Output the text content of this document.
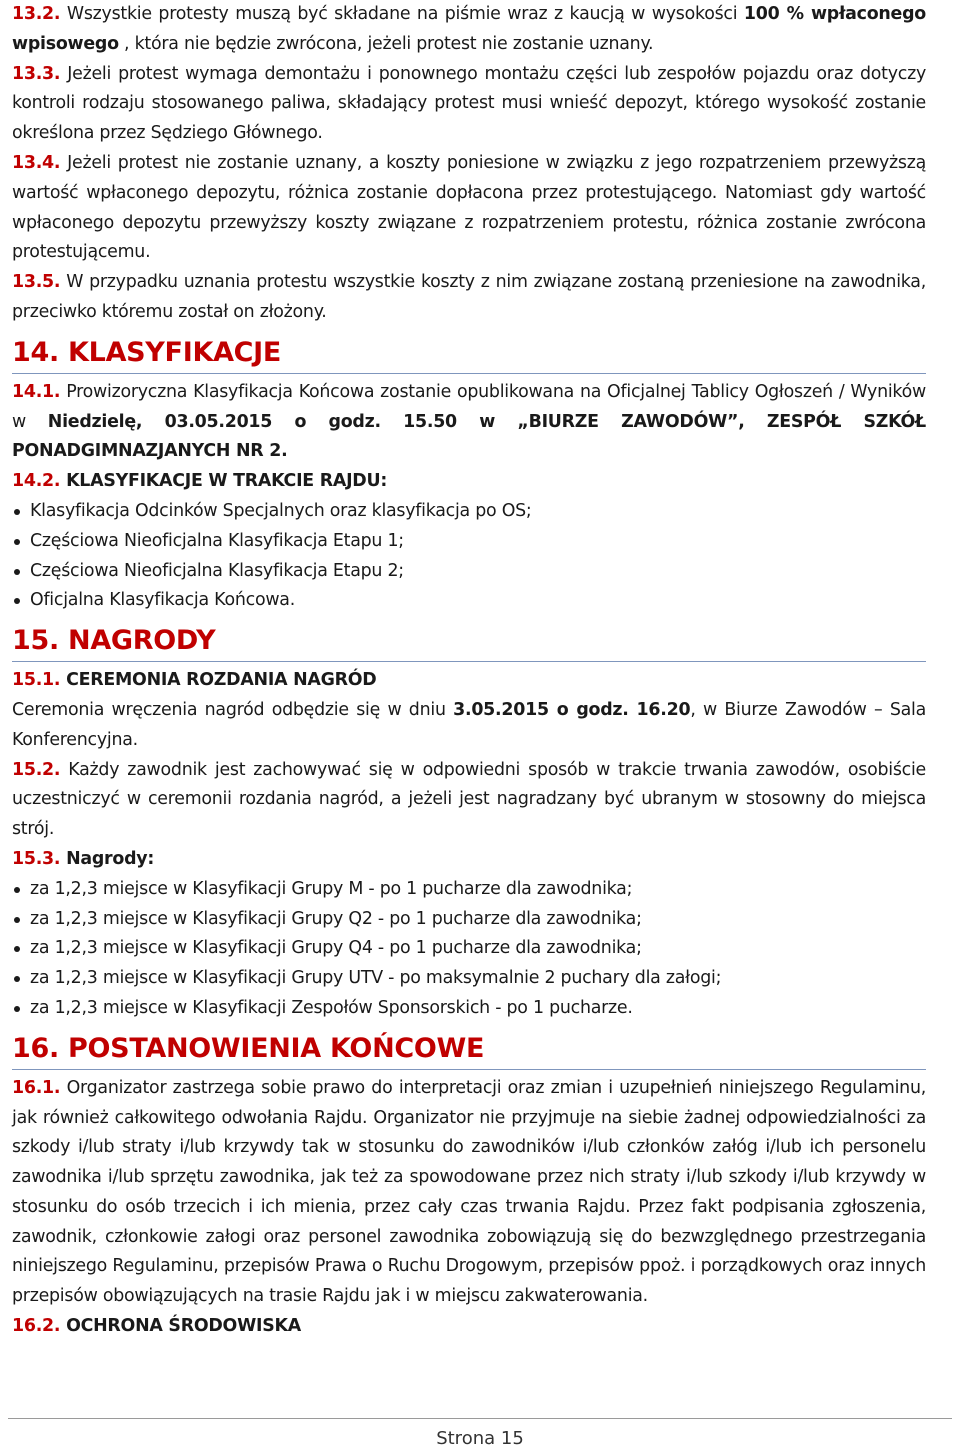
13.2. Wszystkie protesty muszą być składane na piśmie wraz z kaucją w wysokości 100 % wpłaconego wpisowego , która nie będzie zwrócona, jeżeli protest nie zostanie uznany.

13.3. Jeżeli protest wymaga demontażu i ponownego montażu części lub zespołów pojazdu oraz dotyczy kontroli rodzaju stosowanego paliwa, składający protest musi wnieść depozyt, którego wysokość zostanie określona przez Sędziego Głównego.

13.4. Jeżeli protest nie zostanie uznany, a koszty poniesione w związku z jego rozpatrzeniem przewyższą wartość wpłaconego depozytu, różnica zostanie dopłacona przez protestującego. Natomiast gdy wartość wpłaconego depozytu przewyższy koszty związane z rozpatrzeniem protestu, różnica zostanie zwrócona protestującemu.

13.5. W przypadku uznania protestu wszystkie koszty z nim związane zostaną przeniesione na zawodnika, przeciwko któremu został on złożony.

14. KLASYFIKACJE

14.1. Prowizoryczna Klasyfikacja Końcowa zostanie opublikowana na Oficjalnej Tablicy Ogłoszeń / Wyników w Niedzielę, 03.05.2015 o godz. 15.50 w „BIURZE ZAWODÓW”, ZESPÓŁ SZKÓŁ PONADGIMNAZJANYCH NR 2.

14.2. KLASYFIKACJE W TRAKCIE RAJDU:

Klasyfikacja Odcinków Specjalnych oraz klasyfikacja po OS;
Częściowa Nieoficjalna Klasyfikacja Etapu 1;
Częściowa Nieoficjalna Klasyfikacja Etapu 2;
Oficjalna Klasyfikacja Końcowa.
15. NAGRODY

15.1. CEREMONIA ROZDANIA NAGRÓD

Ceremonia wręczenia nagród odbędzie się w dniu 3.05.2015 o godz. 16.20, w Biurze Zawodów – Sala Konferencyjna.

15.2. Każdy zawodnik jest zachowywać się w odpowiedni sposób w trakcie trwania zawodów, osobiście uczestniczyć w ceremonii rozdania nagród, a jeżeli jest nagradzany być ubranym w stosowny do miejsca strój.

15.3. Nagrody:

za 1,2,3 miejsce w Klasyfikacji Grupy M - po 1 pucharze dla zawodnika;
za 1,2,3 miejsce w Klasyfikacji Grupy Q2 - po 1 pucharze dla zawodnika;
za 1,2,3 miejsce w Klasyfikacji Grupy Q4 - po 1 pucharze dla zawodnika;
za 1,2,3 miejsce w Klasyfikacji Grupy UTV - po maksymalnie 2 puchary dla załogi;
za 1,2,3 miejsce w Klasyfikacji Zespołów Sponsorskich - po 1 pucharze.
16. POSTANOWIENIA KOŃCOWE

16.1. Organizator zastrzega sobie prawo do interpretacji oraz zmian i uzupełnień niniejszego Regulaminu, jak również całkowitego odwołania Rajdu. Organizator nie przyjmuje na siebie żadnej odpowiedzialności za szkody i/lub straty i/lub krzywdy tak w stosunku do zawodników i/lub członków załóg i/lub ich personelu zawodnika i/lub sprzętu zawodnika, jak też za spowodowane przez nich straty i/lub szkody i/lub krzywdy w stosunku do osób trzecich i ich mienia, przez cały czas trwania Rajdu. Przez fakt podpisania zgłoszenia, zawodnik, członkowie załogi oraz personel zawodnika zobowiązują się do bezwzględnego przestrzegania niniejszego Regulaminu, przepisów Prawa o Ruchu Drogowym, przepisów ppoż. i porządkowych oraz innych przepisów obowiązujących na trasie Rajdu jak i w miejscu zakwaterowania.

16.2. OCHRONA ŚRODOWISKA

Strona 15
